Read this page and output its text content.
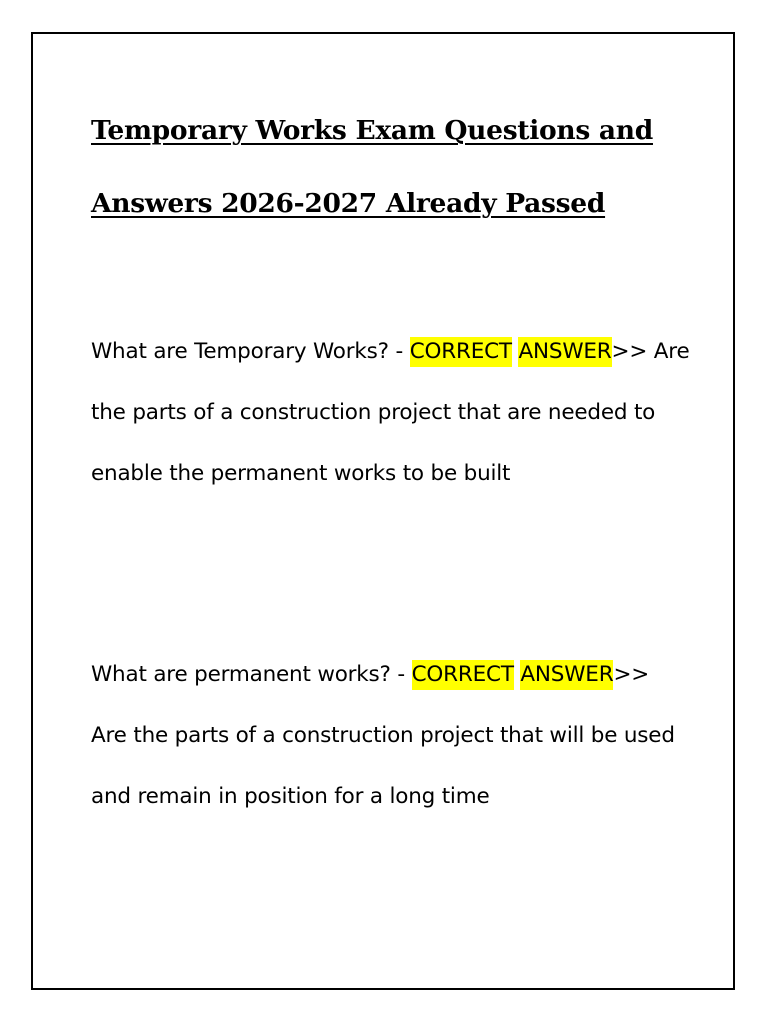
Temporary Works Exam Questions and Answers 2026-2027 Already Passed

What are Temporary Works? - CORRECT ANSWER>> Are the parts of a construction project that are needed to enable the permanent works to be built

What are permanent works? - CORRECT ANSWER>> Are the parts of a construction project that will be used and remain in position for a long time
